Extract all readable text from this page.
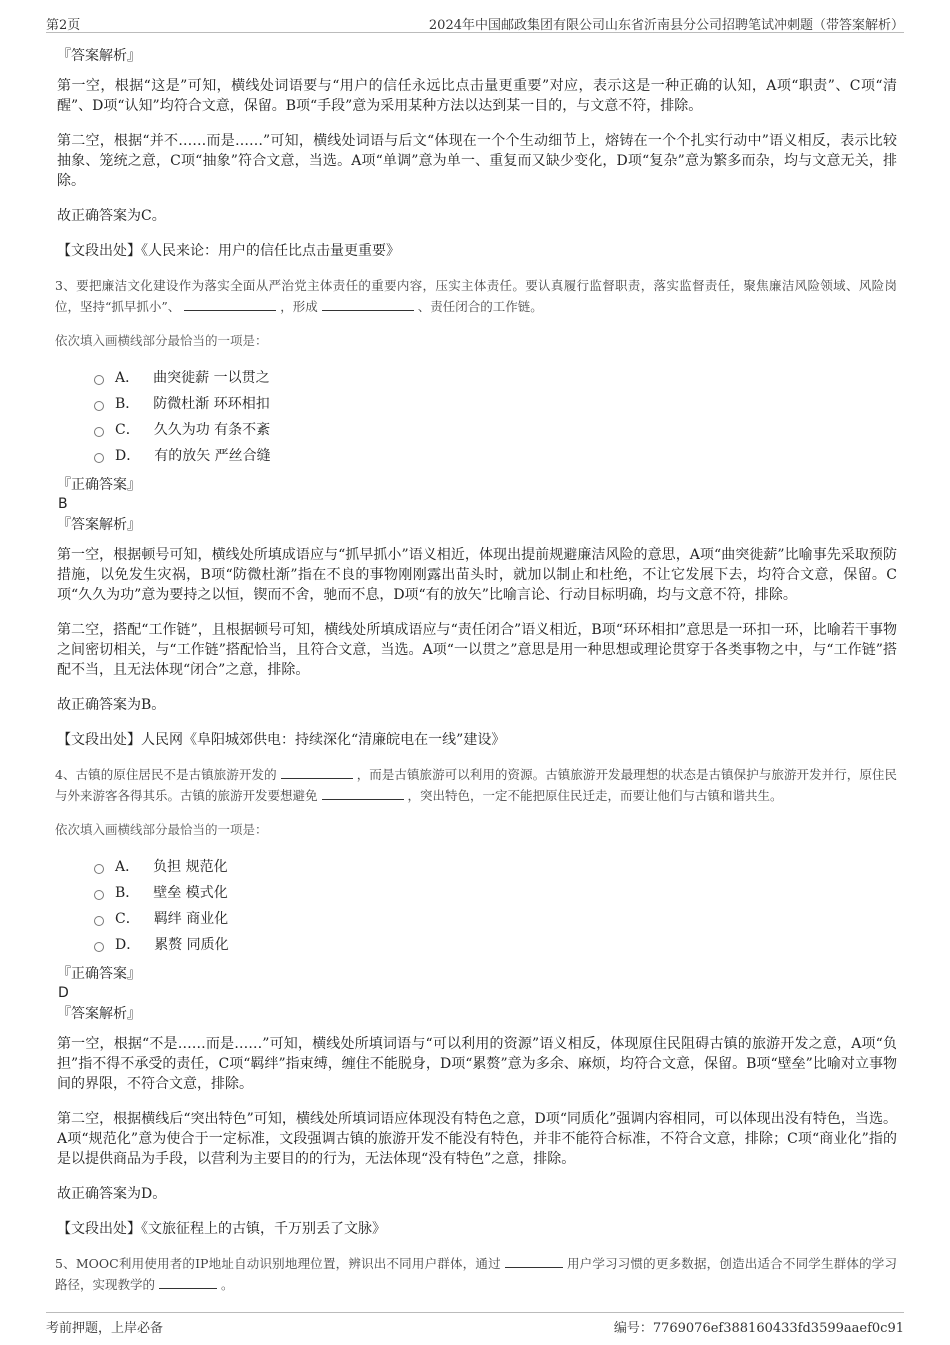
第2页	2024年中国邮政集团有限公司山东省沂南县分公司招聘笔试冲刺题（带答案解析）
『答案解析』

第一空，根据“这是”可知，横线处词语要与“用户的信任永远比点击量更重要”对应，表示这是一种正确的认知，A项“职责”、C项“清醒”、D项“认知”均符合文意，保留。B项“手段”意为采用某种方法以达到某一目的，与文意不符，排除。

第二空，根据“并不……而是……”可知，横线处词语与后文“体现在一个个生动细节上，熔铸在一个个扎实行动中”语义相反，表示比较抽象、笼统之意，C项“抽象”符合文意，当选。A项“单调”意为单一、重复而又缺少变化，D项“复杂”意为繁多而杂，均与文意无关，排除。

故正确答案为C。

【文段出处】《人民来论：用户的信任比点击量更重要》

3、要把廉洁文化建设作为落实全面从严治党主体责任的重要内容，压实主体责任。要认真履行监督职责，落实监督责任，聚焦廉洁风险领域、风险岗位，坚持“抓早抓小”、	，形成	、责任闭合的工作链。

依次填入画横线部分最恰当的一项是：

A． 曲突徙薪 一以贯之
B． 防微杜渐 环环相扣
C． 久久为功 有条不紊
D． 有的放矢 严丝合缝
『正确答案』
B
『答案解析』

第一空，根据顿号可知，横线处所填成语应与“抓早抓小”语义相近，体现出提前规避廉洁风险的意思，A项“曲突徙薪”比喻事先采取预防措施，以免发生灾祸，B项“防微杜渐”指在不良的事物刚刚露出苗头时，就加以制止和杜绝，不让它发展下去，均符合文意，保留。C项“久久为功”意为要持之以恒，锲而不舍，驰而不息，D项“有的放矢”比喻言论、行动目标明确，均与文意不符，排除。

第二空，搭配“工作链”，且根据顿号可知，横线处所填成语应与“责任闭合”语义相近，B项“环环相扣”意思是一环扣一环，比喻若干事物之间密切相关，与“工作链”搭配恰当，且符合文意，当选。A项“一以贯之”意思是用一种思想或理论贯穿于各类事物之中，与“工作链”搭配不当，且无法体现“闭合”之意，排除。

故正确答案为B。

【文段出处】人民网《阜阳城郊供电：持续深化“清廉皖电在一线”建设》

4、古镇的原住居民不是古镇旅游开发的	，而是古镇旅游可以利用的资源。古镇旅游开发最理想的状态是古镇保护与旅游开发并行，原住民与外来游客各得其乐。古镇的旅游开发要想避免	，突出特色，一定不能把原住民迁走，而要让他们与古镇和谐共生。

依次填入画横线部分最恰当的一项是：

A． 负担 规范化
B． 壁垒 模式化
C． 羁绊 商业化
D． 累赘 同质化
『正确答案』
D
『答案解析』

第一空，根据“不是……而是……”可知，横线处所填词语与“可以利用的资源”语义相反，体现原住民阻碍古镇的旅游开发之意，A项“负担”指不得不承受的责任，C项“羁绊”指束缚，缠住不能脱身，D项“累赘”意为多余、麻烦，均符合文意，保留。B项“壁垒”比喻对立事物间的界限，不符合文意，排除。

第二空，根据横线后“突出特色”可知，横线处所填词语应体现没有特色之意，D项“同质化”强调内容相同，可以体现出没有特色，当选。A项“规范化”意为使合于一定标准，文段强调古镇的旅游开发不能没有特色，并非不能符合标准，不符合文意，排除；C项“商业化”指的是以提供商品为手段，以营利为主要目的的行为，无法体现“没有特色”之意，排除。

故正确答案为D。

【文段出处】《文旅征程上的古镇，千万别丢了文脉》

5、MOOC利用使用者的IP地址自动识别地理位置，辨识出不同用户群体，通过	用户学习习惯的更多数据，创造出适合不同学生群体的学习路径，实现教学的	。

考前押题，上岸必备	编号：7769076ef388160433fd3599aaef0c91
